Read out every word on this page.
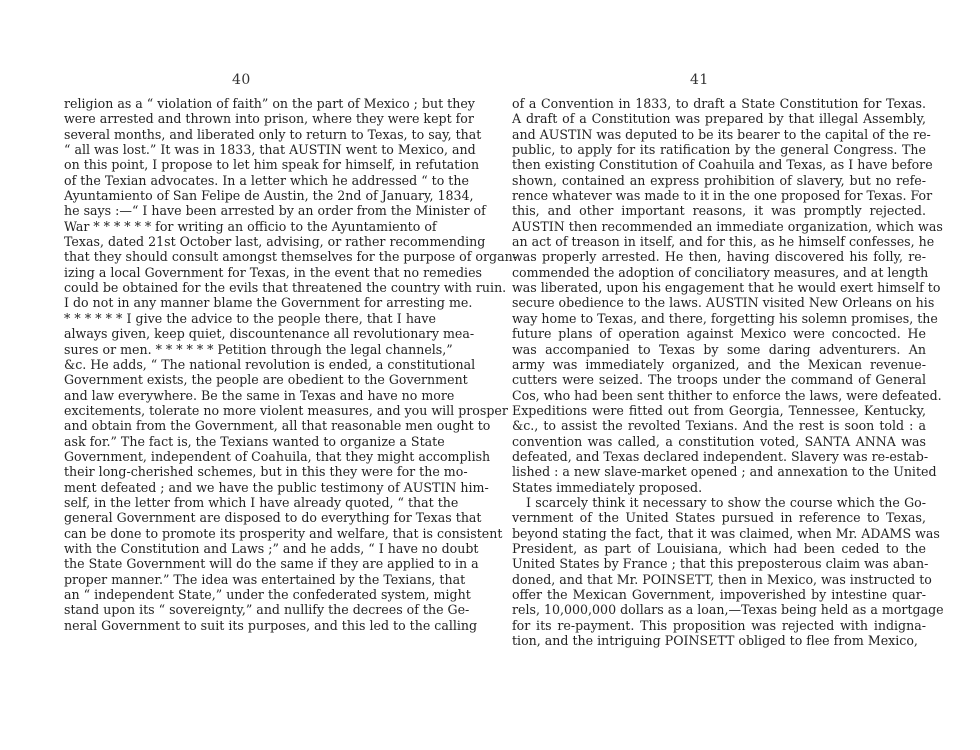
40
religion as a “ violation of faith” on the part of Mexico ; but they
were arrested and thrown into prison, where they were kept for
several months, and liberated only to return to Texas, to say, that
“ all was lost.” It was in 1833, that AUSTIN went to Mexico, and
on this point, I propose to let him speak for himself, in refutation
of the Texian advocates. In a letter which he addressed “ to the
Ayuntamiento of San Felipe de Austin, the 2nd of January, 1834,
he says :—“ I have been arrested by an order from the Minister of
War * * * * * * for writing an officio to the Ayuntamiento of
Texas, dated 21st October last, advising, or rather recommending
that they should consult amongst themselves for the purpose of organ-
izing a local Government for Texas, in the event that no remedies
could be obtained for the evils that threatened the country with ruin.
I do not in any manner blame the Government for arresting me.
* * * * * * I give the advice to the people there, that I have
always given, keep quiet, discountenance all revolutionary mea-
sures or men. * * * * * * Petition through the legal channels,”
&c. He adds, “ The national revolution is ended, a constitutional
Government exists, the people are obedient to the Government
and law everywhere. Be the same in Texas and have no more
excitements, tolerate no more violent measures, and you will prosper
and obtain from the Government, all that reasonable men ought to
ask for.” The fact is, the Texians wanted to organize a State
Government, independent of Coahuila, that they might accomplish
their long-cherished schemes, but in this they were for the mo-
ment defeated ; and we have the public testimony of AUSTIN him-
self, in the letter from which I have already quoted, “ that the
general Government are disposed to do everything for Texas that
can be done to promote its prosperity and welfare, that is consistent
with the Constitution and Laws ;” and he adds, “ I have no doubt
the State Government will do the same if they are applied to in a
proper manner.” The idea was entertained by the Texians, that
an “ independent State,” under the confederated system, might
stand upon its “ sovereignty,” and nullify the decrees of the Ge-
neral Government to suit its purposes, and this led to the calling
41
of a Convention in 1833, to draft a State Constitution for Texas.
A draft of a Constitution was prepared by that illegal Assembly,
and AUSTIN was deputed to be its bearer to the capital of the re-
public, to apply for its ratification by the general Congress. The
then existing Constitution of Coahuila and Texas, as I have before
shown, contained an express prohibition of slavery, but no refe-
rence whatever was made to it in the one proposed for Texas. For
this, and other important reasons, it was promptly rejected.
AUSTIN then recommended an immediate organization, which was
an act of treason in itself, and for this, as he himself confesses, he
was properly arrested. He then, having discovered his folly, re-
commended the adoption of conciliatory measures, and at length
was liberated, upon his engagement that he would exert himself to
secure obedience to the laws. AUSTIN visited New Orleans on his
way home to Texas, and there, forgetting his solemn promises, the
future plans of operation against Mexico were concocted. He
was accompanied to Texas by some daring adventurers. An
army was immediately organized, and the Mexican revenue-
cutters were seized. The troops under the command of General
Cos, who had been sent thither to enforce the laws, were defeated.
Expeditions were fitted out from Georgia, Tennessee, Kentucky,
&c., to assist the revolted Texians. And the rest is soon told : a
convention was called, a constitution voted, SANTA ANNA was
defeated, and Texas declared independent. Slavery was re-estab-
lished : a new slave-market opened ; and annexation to the United
States immediately proposed.
I scarcely think it necessary to show the course which the Go-
vernment of the United States pursued in reference to Texas,
beyond stating the fact, that it was claimed, when Mr. ADAMS was
President, as part of Louisiana, which had been ceded to the
United States by France ; that this preposterous claim was aban-
doned, and that Mr. POINSETT, then in Mexico, was instructed to
offer the Mexican Government, impoverished by intestine quar-
rels, 10,000,000 dollars as a loan,—Texas being held as a mortgage
for its re-payment. This proposition was rejected with indigna-
tion, and the intriguing POINSETT obliged to flee from Mexico,
